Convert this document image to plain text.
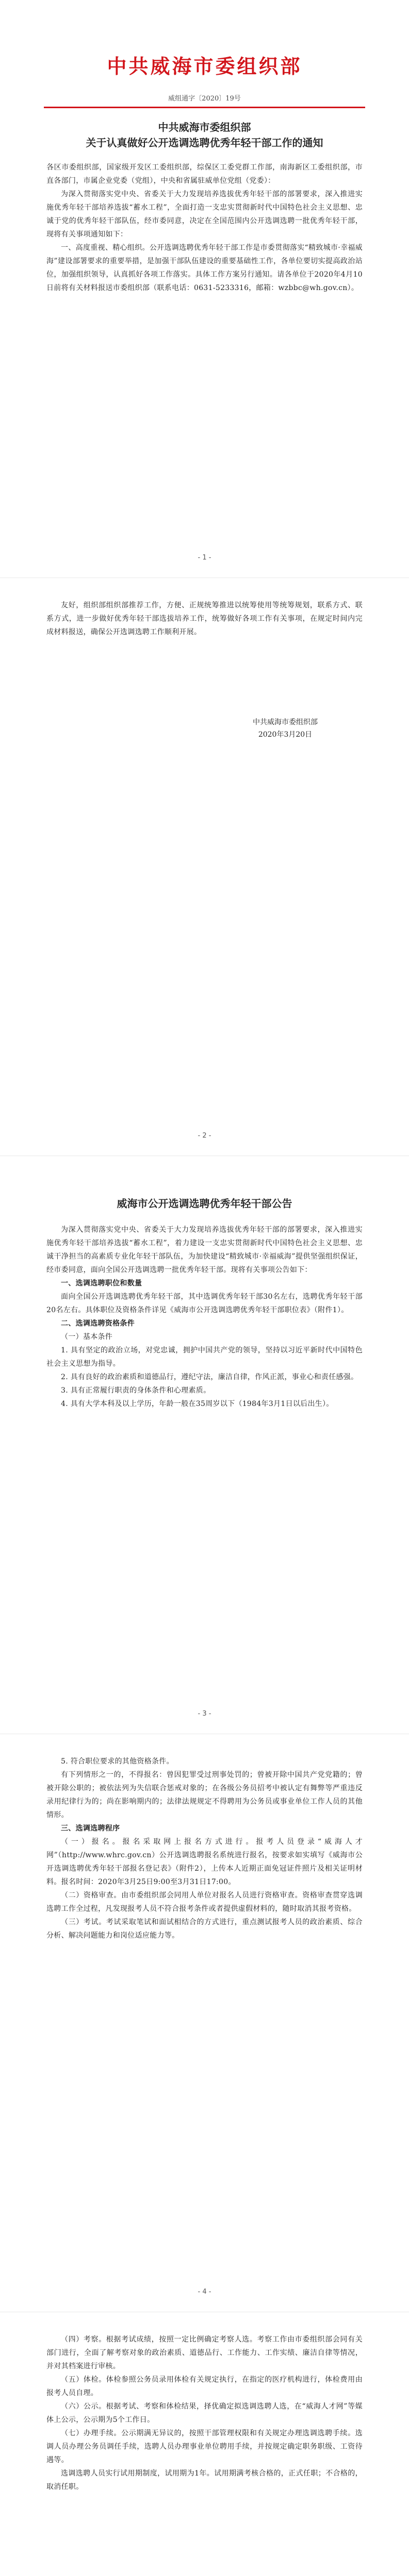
中共威海市委组织部
威组通字〔2020〕19号
中共威海市委组织部
关于认真做好公开选调选聘优秀年轻干部工作的通知

各区市委组织部，国家级开发区工委组织部，综保区工委党群工作部，南海新区工委组织部，市直各部门，市属企业党委（党组），中央和省属驻威单位党组（党委）：

为深入贯彻落实党中央、省委关于大力发现培养选拔优秀年轻干部的部署要求，深入推进实施优秀年轻干部培养选拔“蓄水工程”，全面打造一支忠实贯彻新时代中国特色社会主义思想、忠诚于党的优秀年轻干部队伍，经市委同意，决定在全国范围内公开选调选聘一批优秀年轻干部，现将有关事项通知如下：

一、高度重视、精心组织。公开选调选聘优秀年轻干部工作是市委贯彻落实“精致城市·幸福威海”建设部署要求的重要举措，是加强干部队伍建设的重要基础性工作，各单位要切实提高政治站位，加强组织领导，认真抓好各项工作落实。具体工作方案另行通知。请各单位于2020年4月10日前将有关材料报送市委组织部（联系电话：0631-5233316，邮箱：wzbbc@wh.gov.cn）。

- 1 -

友好，组织部组织部推荐工作，方便、正规统筹推进以统筹使用等统筹规划，联系方式、联系方式，进一步做好优秀年轻干部选拔培养工作，统筹做好各项工作有关事项，在规定时间内完成材料报送，确保公开选调选聘工作顺利开展。

中共威海市委组织部
2020年3月20日
- 2 -
威海市公开选调选聘优秀年轻干部公告

为深入贯彻落实党中央、省委关于大力发现培养选拔优秀年轻干部的部署要求，深入推进实施优秀年轻干部培养选拔“蓄水工程”，着力建设一支忠实贯彻新时代中国特色社会主义思想、忠诚干净担当的高素质专业化年轻干部队伍，为加快建设“精致城市·幸福威海”提供坚强组织保证，经市委同意，面向全国公开选调选聘一批优秀年轻干部。现将有关事项公告如下：

一、选调选聘职位和数量

面向全国公开选调选聘优秀年轻干部，其中选调优秀年轻干部30名左右，选聘优秀年轻干部20名左右。具体职位及资格条件详见《威海市公开选调选聘优秀年轻干部职位表》（附件1）。

二、选调选聘资格条件

（一）基本条件

1. 具有坚定的政治立场，对党忠诚，拥护中国共产党的领导，坚持以习近平新时代中国特色社会主义思想为指导。

2. 具有良好的政治素质和道德品行，遵纪守法，廉洁自律，作风正派，事业心和责任感强。

3. 具有正常履行职责的身体条件和心理素质。

4. 具有大学本科及以上学历，年龄一般在35周岁以下（1984年3月1日以后出生）。

- 3 -

5. 符合职位要求的其他资格条件。

有下列情形之一的，不得报名：曾因犯罪受过刑事处罚的；曾被开除中国共产党党籍的；曾被开除公职的；被依法列为失信联合惩戒对象的；在各级公务员招考中被认定有舞弊等严重违反录用纪律行为的；尚在影响期内的；法律法规规定不得聘用为公务员或事业单位工作人员的其他情形。

三、选调选聘程序

（一）报名。报名采取网上报名方式进行。报考人员登录“威海人才网”（http://www.whrc.gov.cn）公开选调选聘报名系统进行报名，按要求如实填写《威海市公开选调选聘优秀年轻干部报名登记表》（附件2），上传本人近期正面免冠证件照片及相关证明材料。报名时间：2020年3月25日9:00至3月31日17:00。

（二）资格审查。由市委组织部会同用人单位对报名人员进行资格审查。资格审查贯穿选调选聘工作全过程，凡发现报考人员不符合报考条件或者提供虚假材料的，随时取消其报考资格。

（三）考试。考试采取笔试和面试相结合的方式进行，重点测试报考人员的政治素质、综合分析、解决问题能力和岗位适应能力等。

- 4 -

（四）考察。根据考试成绩，按照一定比例确定考察人选。考察工作由市委组织部会同有关部门进行，全面了解考察对象的政治素质、道德品行、工作能力、工作实绩、廉洁自律等情况，并对其档案进行审核。

（五）体检。体检参照公务员录用体检有关规定执行，在指定的医疗机构进行，体检费用由报考人员自理。

（六）公示。根据考试、考察和体检结果，择优确定拟选调选聘人选，在“威海人才网”等媒体上公示，公示期为5个工作日。

（七）办理手续。公示期满无异议的，按照干部管理权限和有关规定办理选调选聘手续。选调人员办理公务员调任手续，选聘人员办理事业单位聘用手续，并按规定确定职务职级、工资待遇等。

选调选聘人员实行试用期制度，试用期为1年。试用期满考核合格的，正式任职；不合格的，取消任职。
